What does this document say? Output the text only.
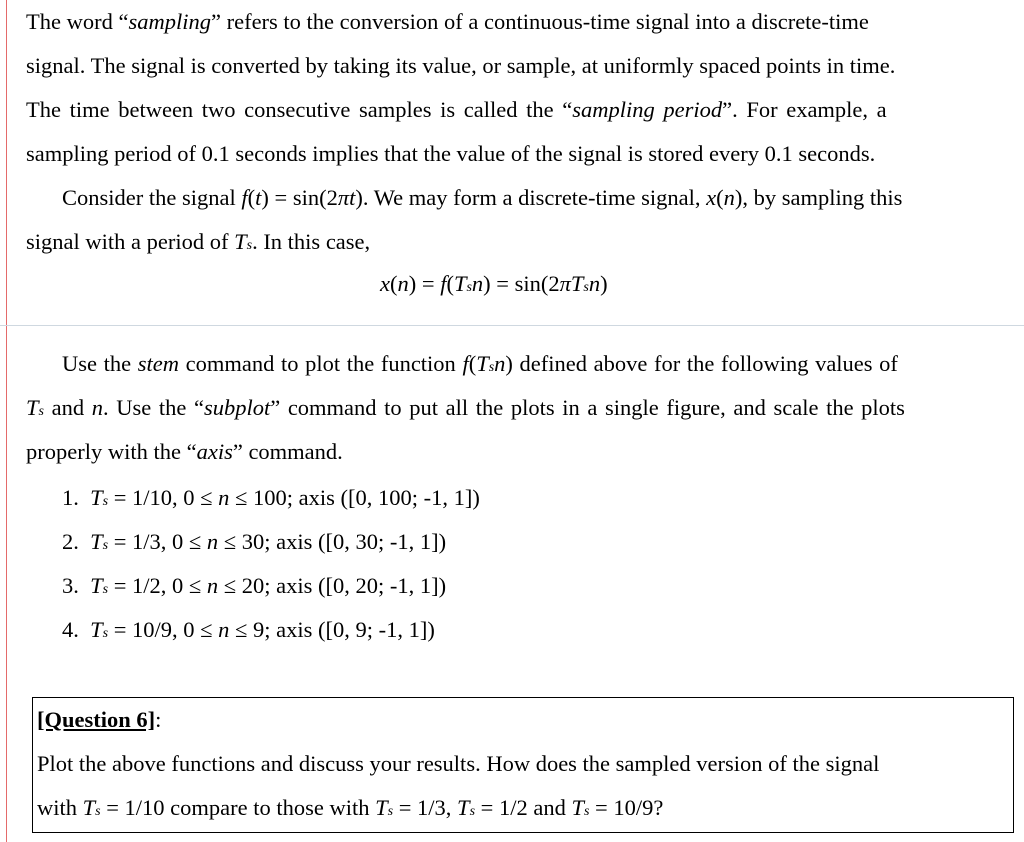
The word “sampling” refers to the conversion of a continuous-time signal into a discrete-time
signal. The signal is converted by taking its value, or sample, at uniformly spaced points in time.
The time between two consecutive samples is called the “sampling period”. For example, a
sampling period of 0.1 seconds implies that the value of the signal is stored every 0.1 seconds.
Consider the signal f(t) = sin(2πt). We may form a discrete-time signal, x(n), by sampling this
signal with a period of Ts. In this case,
x(n) = f(Tsn) = sin(2πTsn)
Use the stem command to plot the function f(Tsn) defined above for the following values of
Ts and n. Use the “subplot” command to put all the plots in a single figure, and scale the plots
properly with the “axis” command.
1. Ts = 1/10, 0 ≤ n ≤ 100; axis ([0, 100; -1, 1])
2. Ts = 1/3, 0 ≤ n ≤ 30; axis ([0, 30; -1, 1])
3. Ts = 1/2, 0 ≤ n ≤ 20; axis ([0, 20; -1, 1])
4. Ts = 10/9, 0 ≤ n ≤ 9; axis ([0, 9; -1, 1])
[Question 6]:
Plot the above functions and discuss your results. How does the sampled version of the signal
with Ts = 1/10 compare to those with Ts = 1/3, Ts = 1/2 and Ts = 10/9?
